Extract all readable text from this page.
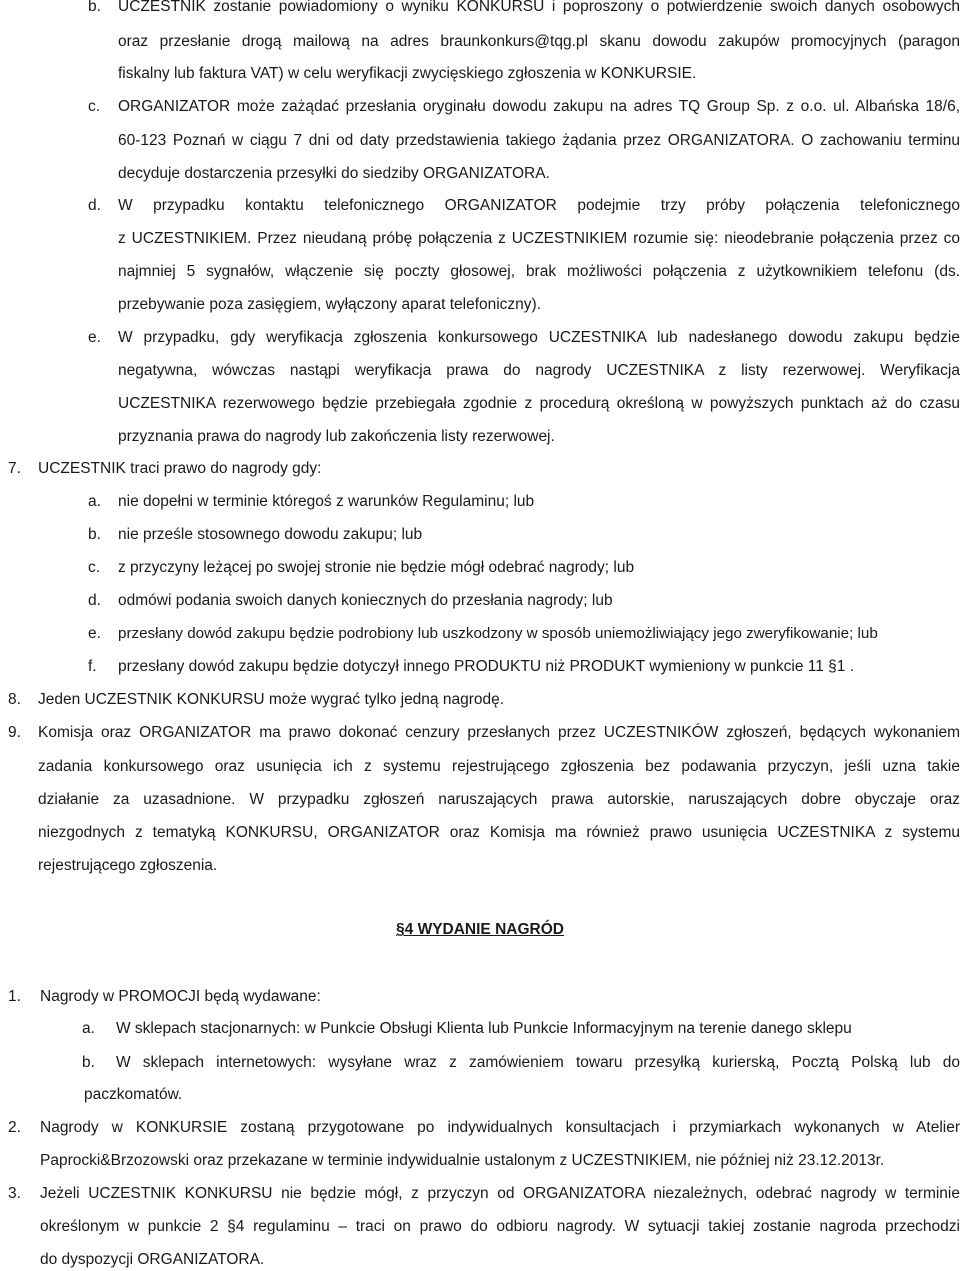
b. UCZESTNIK zostanie powiadomiony o wyniku KONKURSU i poproszony o potwierdzenie swoich danych osobowych
oraz przesłanie drogą mailową na adres braunkonkurs@tqg.pl skanu dowodu zakupów promocyjnych (paragon
fiskalny lub faktura VAT) w celu weryfikacji zwycięskiego zgłoszenia w KONKURSIE.
c. ORGANIZATOR może zażądać przesłania oryginału dowodu zakupu na adres TQ Group Sp. z o.o. ul. Albańska 18/6,
60-123 Poznań w ciągu 7 dni od daty przedstawienia takiego żądania przez ORGANIZATORA. O zachowaniu terminu
decyduje dostarczenia przesyłki do siedziby ORGANIZATORA.
d. W przypadku kontaktu telefonicznego ORGANIZATOR podejmie trzy próby połączenia telefonicznego
z UCZESTNIKIEM. Przez nieudaną próbę połączenia z UCZESTNIKIEM rozumie się: nieodebranie połączenia przez co
najmniej 5 sygnałów, włączenie się poczty głosowej, brak możliwości połączenia z użytkownikiem telefonu (ds.
przebywanie poza zasięgiem, wyłączony aparat telefoniczny).
e. W przypadku, gdy weryfikacja zgłoszenia konkursowego UCZESTNIKA lub nadesłanego dowodu zakupu będzie
negatywna, wówczas nastąpi weryfikacja prawa do nagrody UCZESTNIKA z listy rezerwowej. Weryfikacja
UCZESTNIKA rezerwowego będzie przebiegała zgodnie z procedurą określoną w powyższych punktach aż do czasu
przyznania prawa do nagrody lub zakończenia listy rezerwowej.
7. UCZESTNIK traci prawo do nagrody gdy:
a. nie dopełni w terminie któregoś z warunków Regulaminu; lub
b. nie prześle stosownego dowodu zakupu; lub
c. z przyczyny leżącej po swojej stronie nie będzie mógł odebrać nagrody; lub
d. odmówi podania swoich danych koniecznych do przesłania nagrody; lub
e. przesłany dowód zakupu będzie podrobiony lub uszkodzony w sposób uniemożliwiający jego zweryfikowanie; lub
f. przesłany dowód zakupu będzie dotyczył innego PRODUKTU niż PRODUKT wymieniony w punkcie 11 §1 .
8. Jeden UCZESTNIK KONKURSU może wygrać tylko jedną nagrodę.
9. Komisja oraz ORGANIZATOR ma prawo dokonać cenzury przesłanych przez UCZESTNIKÓW zgłoszeń, będących wykonaniem
zadania konkursowego oraz usunięcia ich z systemu rejestrującego zgłoszenia bez podawania przyczyn, jeśli uzna takie
działanie za uzasadnione. W przypadku zgłoszeń naruszających prawa autorskie, naruszających dobre obyczaje oraz
niezgodnych z tematyką KONKURSU, ORGANIZATOR oraz Komisja ma również prawo usunięcia UCZESTNIKA z systemu
rejestrującego zgłoszenia.
§4 WYDANIE NAGRÓD
1. Nagrody w PROMOCJI będą wydawane:
a. W sklepach stacjonarnych: w Punkcie Obsługi Klienta lub Punkcie Informacyjnym na terenie danego sklepu
b. W sklepach internetowych: wysyłane wraz z zamówieniem towaru przesyłką kurierską, Pocztą Polską lub do
paczkomatów.
2. Nagrody w KONKURSIE zostaną przygotowane po indywidualnych konsultacjach i przymiarkach wykonanych w Atelier
Paprocki&Brzozowski oraz przekazane w terminie indywidualnie ustalonym z UCZESTNIKIEM, nie później niż 23.12.2013r.
3. Jeżeli UCZESTNIK KONKURSU nie będzie mógł, z przyczyn od ORGANIZATORA niezależnych, odebrać nagrody w terminie
określonym w punkcie 2 §4 regulaminu – traci on prawo do odbioru nagrody. W sytuacji takiej zostanie nagroda przechodzi
do dyspozycji ORGANIZATORA.
